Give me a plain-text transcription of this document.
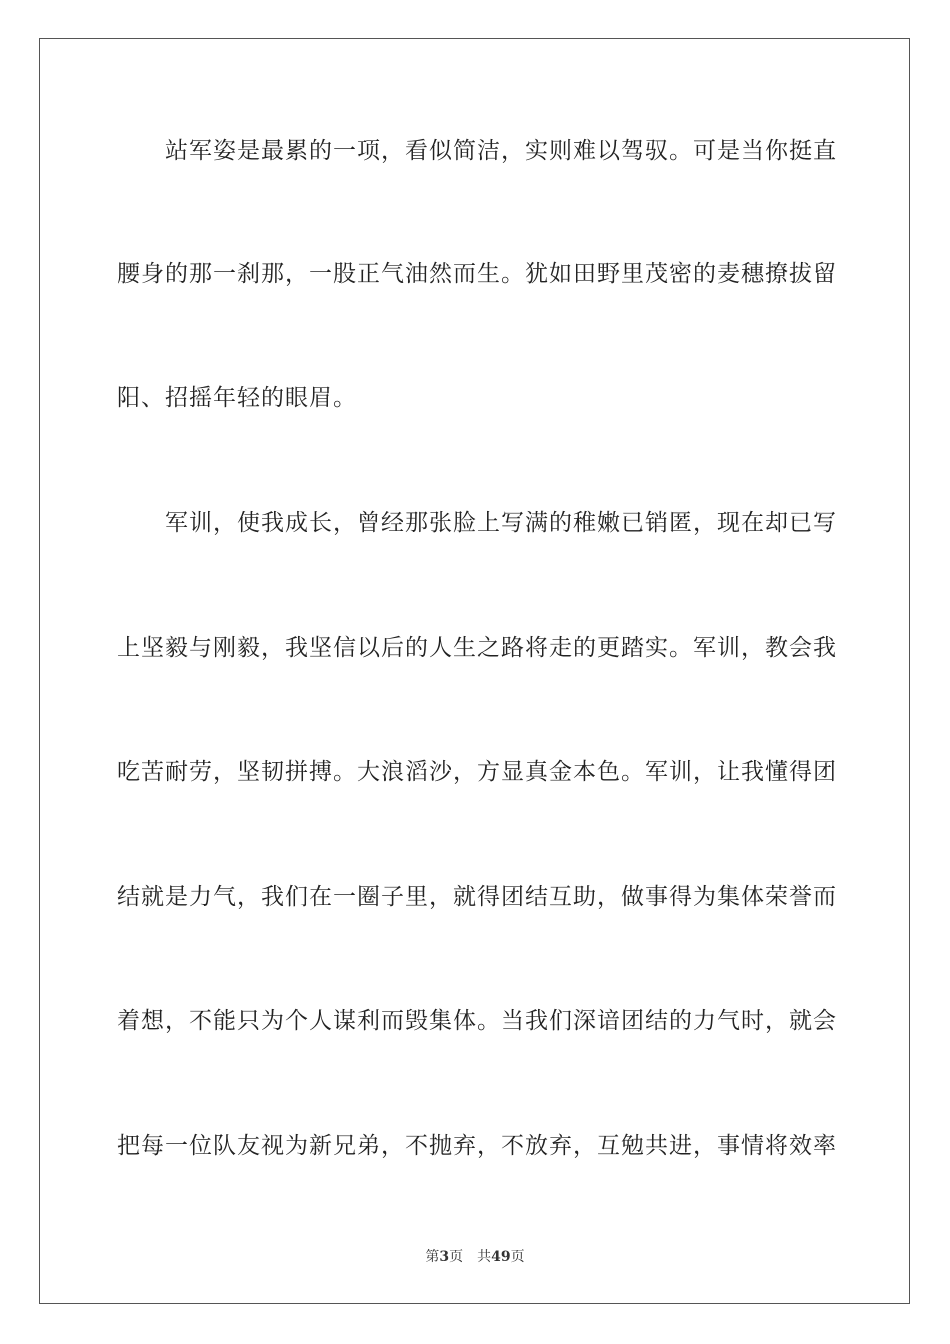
站军姿是最累的一项，看似简洁，实则难以驾驭。可是当你挺直
腰身的那一刹那，一股正气油然而生。犹如田野里茂密的麦穗撩拔留
阳、招摇年轻的眼眉。
军训，使我成长，曾经那张脸上写满的稚嫩已销匿，现在却已写
上坚毅与刚毅，我坚信以后的人生之路将走的更踏实。军训，教会我
吃苦耐劳，坚韧拼搏。大浪滔沙，方显真金本色。军训，让我懂得团
结就是力气，我们在一圈子里，就得团结互助，做事得为集体荣誉而
着想，不能只为个人谋利而毁集体。当我们深谙团结的力气时，就会
把每一位队友视为新兄弟，不抛弃，不放弃，互勉共进，事情将效率
第3页 共49页
